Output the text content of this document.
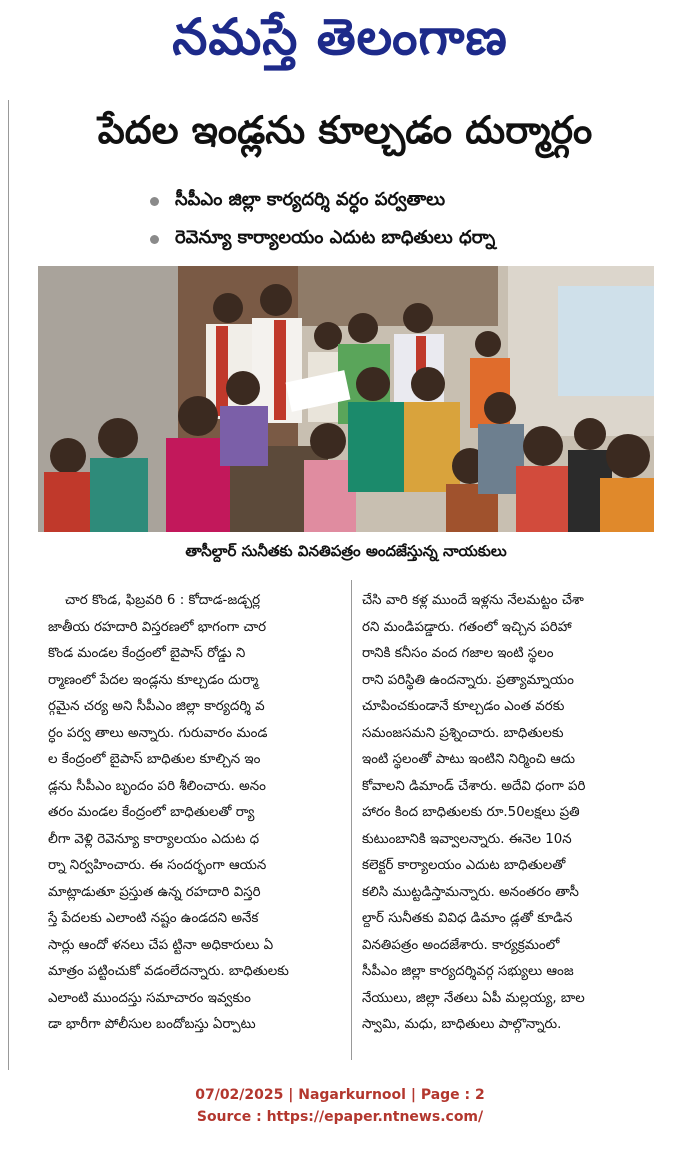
నమస్తే తెలంగాణ
పేదల ఇండ్లను కూల్చడం దుర్మార్గం
సీపీఎం జిల్లా కార్యదర్శి వర్ధం పర్వతాలు
రెవెన్యూ కార్యాలయం ఎదుట బాధితులు ధర్నా
తాసీల్దార్ సునీతకు వినతిపత్రం అందజేస్తున్న నాయకులు

చార కొండ, ఫిబ్రవరి 6 : కోదాడ-జడ్చర్ల

జాతీయ రహదారి విస్తరణలో భాగంగా చార

కొండ మండల కేంద్రంలో బైపాస్ రోడ్డు ని

ర్మాణంలో పేదల ఇండ్లను కూల్చడం దుర్మా

ర్గమైన చర్య అని సీపీఎం జిల్లా కార్యదర్శి వ

ర్ధం పర్వ తాలు అన్నారు. గురువారం మండ

ల కేంద్రంలో బైపాస్ బాధితుల కూల్చిన ఇం

డ్లను సీపీఎం బృందం పరి శీలించారు. అనం

తరం మండల కేంద్రంలో బాధితులతో ర్యా

లీగా వెళ్లి రెవెన్యూ కార్యాలయం ఎదుట ధ

ర్నా నిర్వహించారు. ఈ సందర్భంగా ఆయన

మాట్లాడుతూ ప్రస్తుత ఉన్న రహదారి విస్తరి

స్తే పేదలకు ఎలాంటి నష్టం ఉండదని అనేక

సార్లు ఆందో ళనలు చేప ట్టినా అధికారులు ఏ

మాత్రం పట్టించుకో వడంలేదన్నారు. బాధితులకు

ఎలాంటి ముందస్తు సమాచారం ఇవ్వకుం

డా భారీగా పోలీసుల బందోబస్తు ఏర్పాటు

చేసి వారి కళ్ల ముందే ఇళ్లను నేలమట్టం చేశా

రని మండిపడ్డారు. గతంలో ఇచ్చిన పరిహా

రానికి కనీసం వంద గజాల ఇంటి స్థలం

రాని పరిస్థితి ఉందన్నారు. ప్రత్యామ్నాయం

చూపించకుండానే కూల్చడం ఎంత వరకు

సమంజసమని ప్రశ్నించారు. బాధితులకు

ఇంటి స్థలంతో పాటు ఇంటిని నిర్మించి ఆదు

కోవాలని డిమాండ్ చేశారు. అదేవి ధంగా పరి

హారం కింద బాధితులకు రూ.50లక్షలు ప్రతి

కుటుంబానికి ఇవ్వాలన్నారు. ఈనెల 10న

కలెక్టర్ కార్యాలయం ఎదుట బాధితులతో

కలిసి ముట్టడిస్తామన్నారు. అనంతరం తాసీ

ల్దార్ సునీతకు వివిధ డిమాం డ్లతో కూడిన

వినతిపత్రం అందజేశారు. కార్యక్రమంలో

సీపీఎం జిల్లా కార్యదర్శివర్గ సభ్యులు ఆంజ

నేయులు, జిల్లా నేతలు ఏపీ మల్లయ్య, బాల

స్వామి, మధు, బాధితులు పాల్గొన్నారు.

07/02/2025 | Nagarkurnool | Page : 2
Source : https://epaper.ntnews.com/
